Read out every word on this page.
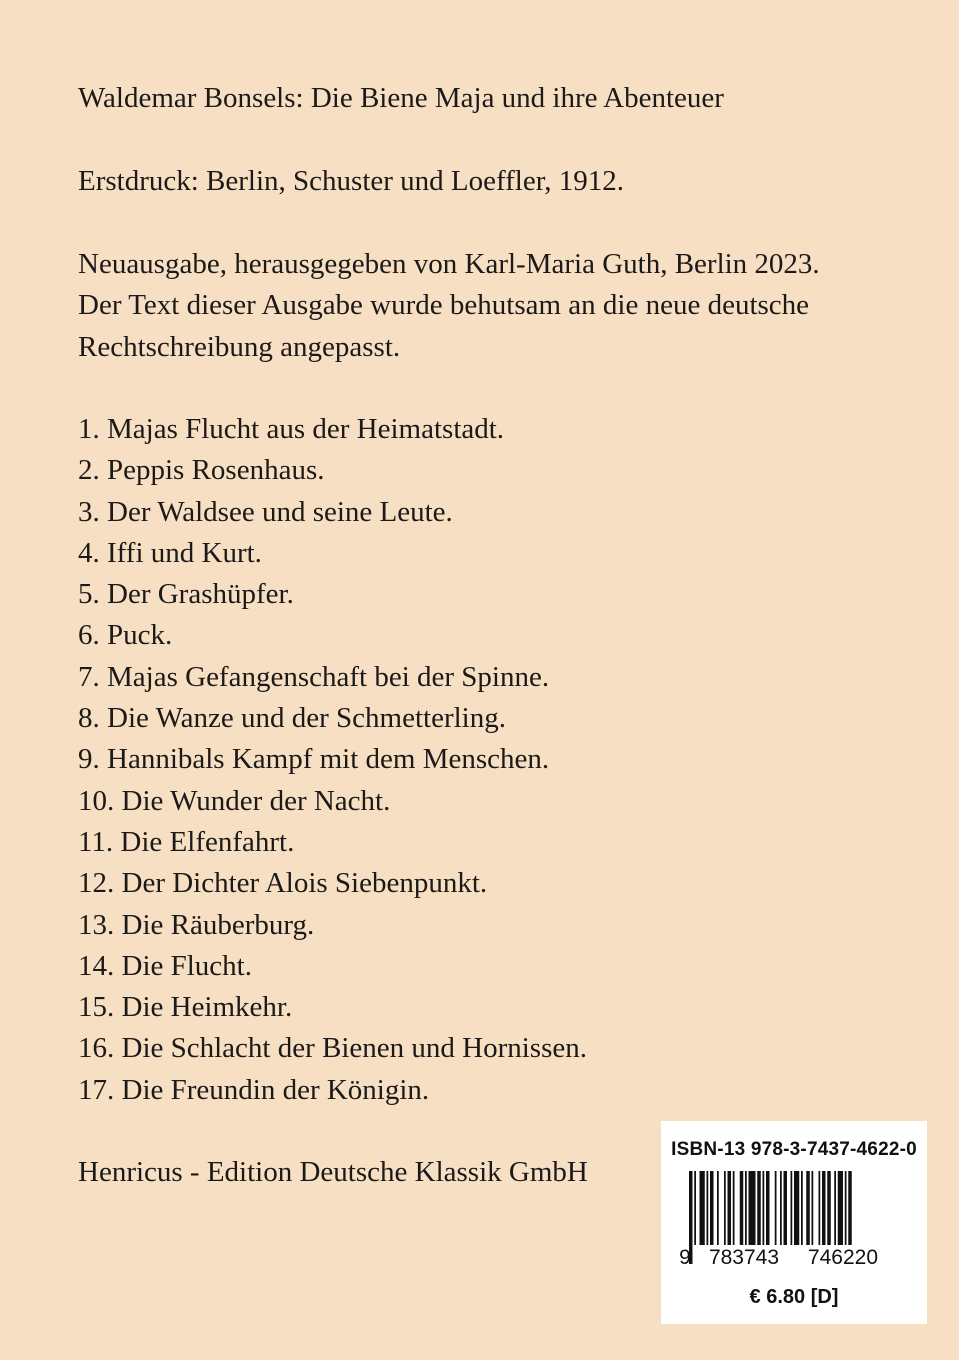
Waldemar Bonsels: Die Biene Maja und ihre Abenteuer
Erstdruck: Berlin, Schuster und Loeffler, 1912.
Neuausgabe, herausgegeben von Karl-Maria Guth, Berlin 2023.
Der Text dieser Ausgabe wurde behutsam an die neue deutsche
Rechtschreibung angepasst.
1. Majas Flucht aus der Heimatstadt.
2. Peppis Rosenhaus.
3. Der Waldsee und seine Leute.
4. Iffi und Kurt.
5. Der Grashüpfer.
6. Puck.
7. Majas Gefangenschaft bei der Spinne.
8. Die Wanze und der Schmetterling.
9. Hannibals Kampf mit dem Menschen.
10. Die Wunder der Nacht.
11. Die Elfenfahrt.
12. Der Dichter Alois Siebenpunkt.
13. Die Räuberburg.
14. Die Flucht.
15. Die Heimkehr.
16. Die Schlacht der Bienen und Hornissen.
17. Die Freundin der Königin.
Henricus - Edition Deutsche Klassik GmbH
ISBN-13 978-3-7437-4622-0
9 783743	746220
€ 6.80 [D]
